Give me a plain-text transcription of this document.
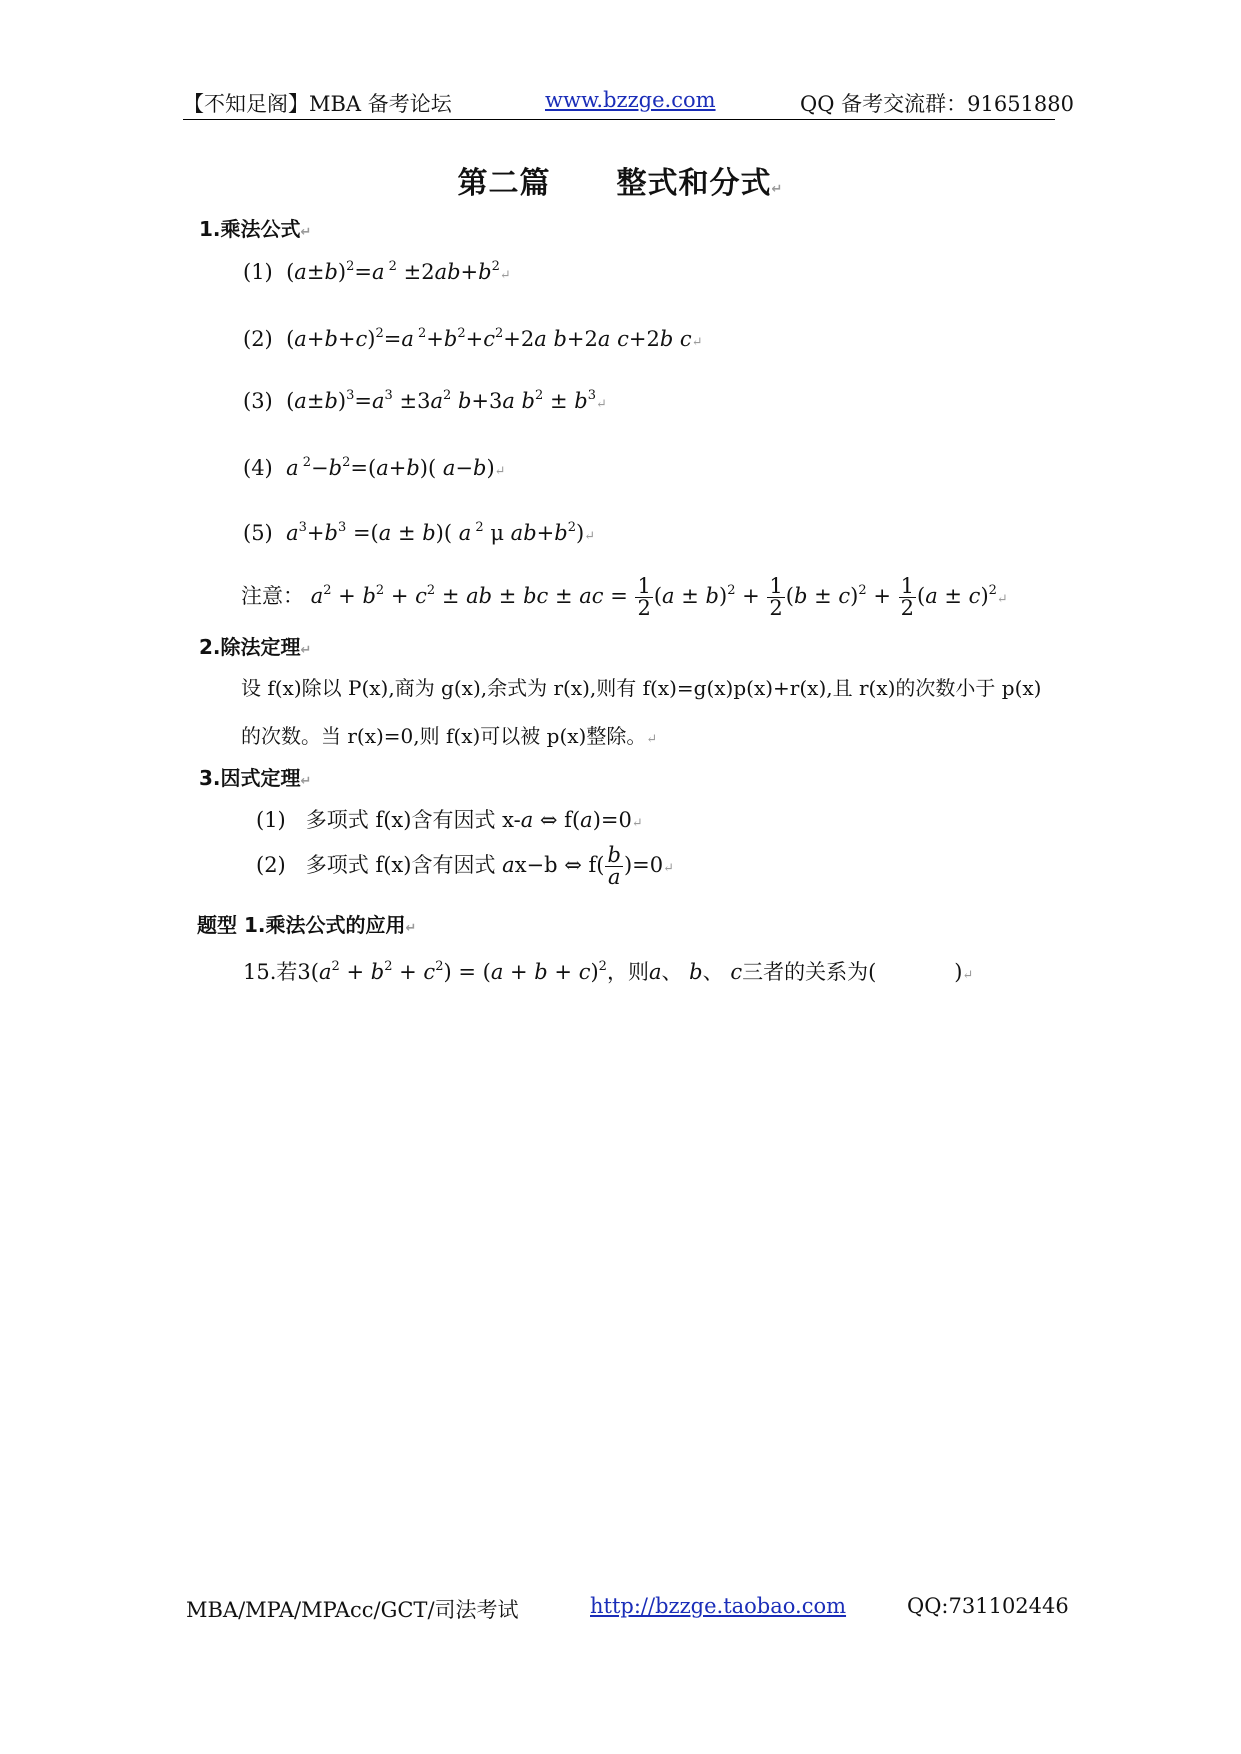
【不知足阁】MBA 备考论坛	www.bzzge.com	QQ 备考交流群：91651880
第二篇 整式和分式↵
1.乘法公式↵
(1)  $(a\pm b)^2=a$ $^2 \pm 2ab+b^2↵$
(2)  $(a+b+c)^2=a$ $^2+b^2+c^2+2a$ b+2a c+2b c↵
(3)  $(a\pm b)^3=a^3 \pm 3a^2$ b+3a $b^2$ ± $b^3↵$
(4) a $^2-b^2=(a+b)$( a−b)↵
(5) $a^3+b^3 =(a \pm b)$( a $^2$ μ $ab+b^2)↵$
注意： $a^2 + b^2 + c^2$ ± ab ± bc ± ac = $\frac{1}{2} (a \pm b)^2 + \frac{1}{2} (b \pm c)^2 + \frac{1}{2} (a$ ± $c)^2↵$
2.除法定理↵
设 f(x)除以 P(x),商为 g(x),余式为 r(x),则有 f(x)=g(x)p(x)+r(x),且 r(x)的次数小于 p(x)
的次数。当 r(x)=0,则 f(x)可以被 p(x)整除。↵
3.因式定理↵
(1) 多项式 f(x)含有因式 x-a ⇔ f(a)=0↵
(2) 多项式 f(x)含有因式 ax−b ⇔ $f( \frac{b}{a}$ )=0↵
题型 1.乘法公式的应用↵
15.若$3(a^2 + b^2 + c^2) = (a + b + c)^2$，则a、 b、 c三者的关系为(	)↵
MBA/MPA/MPAcc/GCT/司法考试	http://bzzge.taobao.com	QQ:731102446
